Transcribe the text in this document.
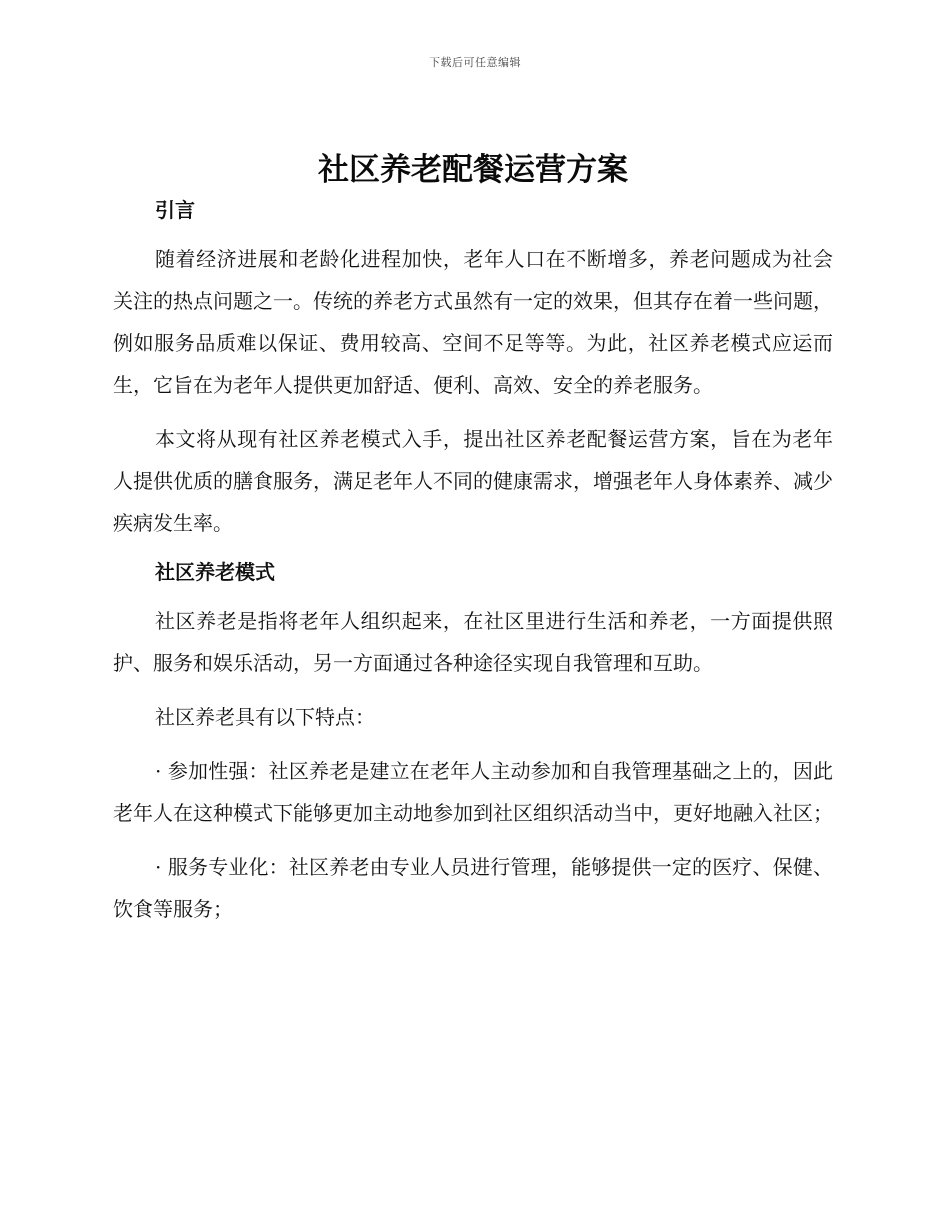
下载后可任意编辑
社区养老配餐运营方案
引言

随着经济进展和老龄化进程加快，老年人口在不断增多，养老问题成为社会关注的热点问题之一。传统的养老方式虽然有一定的效果，但其存在着一些问题，例如服务品质难以保证、费用较高、空间不足等等。为此，社区养老模式应运而生，它旨在为老年人提供更加舒适、便利、高效、安全的养老服务。

本文将从现有社区养老模式入手，提出社区养老配餐运营方案，旨在为老年人提供优质的膳食服务，满足老年人不同的健康需求，增强老年人身体素养、减少疾病发生率。

社区养老模式

社区养老是指将老年人组织起来，在社区里进行生活和养老，一方面提供照护、服务和娱乐活动，另一方面通过各种途径实现自我管理和互助。

社区养老具有以下特点：

· 参加性强：社区养老是建立在老年人主动参加和自我管理基础之上的，因此老年人在这种模式下能够更加主动地参加到社区组织活动当中，更好地融入社区；

· 服务专业化：社区养老由专业人员进行管理，能够提供一定的医疗、保健、饮食等服务；
